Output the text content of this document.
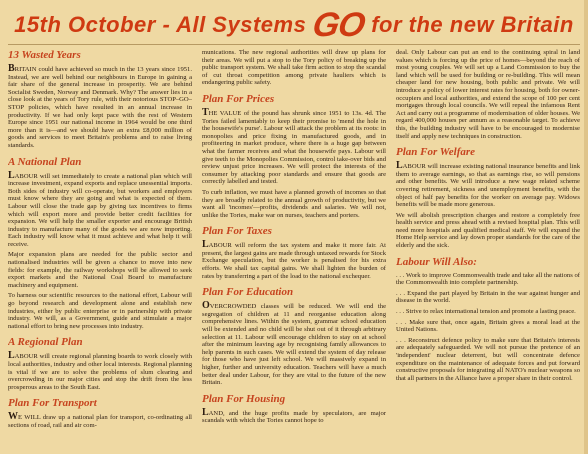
15th October - All Systems GO for the new Britain
13 Wasted Years

BRITAIN could have achieved so much in the 13 years since 1951. Instead, we are well behind our neighbours in Europe in gaining a fair share of the general increase in prosperity. We are behind Socialist Sweden, Norway and Denmark. Why? The answer lies in a close look at the years of Tory rule, with their notorious STOP–GO–STOP policies, which have resulted in an annual increase in productivity. If we had only kept pace with the rest of Western Europe since 1951 our national income in 1964 would be one third more than it is—and we should have an extra £8,000 million of goods and services to meet Britain's problems and to raise living standards.

A National Plan

LABOUR will set immediately to create a national plan which will increase investment, expand exports and replace unessential imports. Both sides of industry will co-operate, but workers and employers must know where they are going and what is expected of them. Labour will close the trade gap by giving tax incentives to firms which will export more and provide better credit facilities for expansion. We will help the smaller exporter and encourage British industry to manufacture many of the goods we are now importing. Each industry will know what it must achieve and what help it will receive.

Major expansion plans are needed for the public sector and nationalised industries will be given a chance to move into new fields: for example, the railway workshops will be allowed to seek export markets and the National Coal Board to manufacture machinery and equipment.

To harness our scientific resources to the national effort, Labour will go beyond research and development alone and establish new industries, either by public enterprise or in partnership with private industry. We will, as a Government, guide and stimulate a major national effort to bring new processes into industry.

A Regional Plan

LABOUR will create regional planning boards to work closely with local authorities, industry and other local interests. Regional planning is vital if we are to solve the problems of slum clearing and overcrowding in our major cities and stop the drift from the less prosperous areas to the South East.

Plan For Transport

WE WILL draw up a national plan for transport, co-ordinating all sections of road, rail and air com-

munications. The new regional authorities will draw up plans for their areas. We will put a stop to the Tory policy of breaking up the public transport system. We shall take firm action to stop the scandal of cut throat competition among private hauliers which is endangering public safety.

Plan For Prices

THE VALUE of the pound has shrunk since 1951 to 13s. 4d. The Tories failed lamentably to keep their promise to 'mend the hole in the housewife's purse'. Labour will attack the problem at its roots: in monopolies and price fixing in manufactured goods, and in profiteering in market produce, where there is a huge gap between what the farmer receives and what the housewife pays. Labour will give teeth to the Monopolies Commission, control take-over bids and review unjust price increases. We will protect the interests of the consumer by attacking poor standards and ensure that goods are correctly labelled and tested.

To curb inflation, we must have a planned growth of incomes so that they are broadly related to the annual growth of productivity, but we want all 'incomes'—profits, dividends and salaries. We will not, unlike the Tories, make war on nurses, teachers and porters.

Plan For Taxes

LABOUR will reform the tax system and make it more fair. At present, the largest gains are made through untaxed rewards for Stock Exchange speculation, but the worker is penalised for his extra efforts. We shall tax capital gains. We shall lighten the burden of rates by transferring a part of the load to the national exchequer.

Plan For Education

OVERCROWDED classes will be reduced. We will end the segregation of children at 11 and reorganise education along comprehensive lines. Within the system, grammar school education will be extended and no child will be shut out of it through arbitrary selection at 11. Labour will encourage children to stay on at school after the minimum leaving age by recognising family allowances to help parents in such cases. We will extend the system of day release for those who have just left school. We will massively expand in higher, further and university education. Teachers will have a much better deal under Labour, for they are vital to the future of the new Britain.

Plan For Housing

LAND, and the huge profits made by speculators, are major scandals with which the Tories cannot hope to

deal. Only Labour can put an end to the continuing spiral in land values which is forcing up the price of homes—beyond the reach of most young couples. We will set up a Land Commission to buy the land which will be used for building or re-building. This will mean cheaper land for new housing, both public and private. We will introduce a policy of lower interest rates for housing, both for owner-occupiers and local authorities, and extend the scope of 100 per cent mortgages through local councils. We will repeal the infamous Rent Act and carry out a programme of modernisation of older houses. We regard 400,000 houses per annum as a reasonable target. To achieve this, the building industry will have to be encouraged to modernise itself and apply new techniques in construction.

Plan For Welfare

LABOUR will increase existing national insurance benefits and link them to average earnings, so that as earnings rise, so will pensions and other benefits. We will introduce a new wage related scheme covering retirement, sickness and unemployment benefits, with the object of half pay benefits for the worker on average pay. Widows benefits will be made more generous.

We will abolish prescription charges and restore a completely free health service and press ahead with a revised hospital plan. This will need more hospitals and qualified medical staff. We will expand the Home Help service and lay down proper standards for the care of the elderly and the sick.

Labour Will Also:

. . . Work to improve Commonwealth trade and take all the nations of the Commonwealth into complete partnership.

. . . Expand the part played by Britain in the war against hunger and disease in the world.

. . . Strive to relax international tension and promote a lasting peace.

. . . Make sure that, once again, Britain gives a moral lead at the United Nations.

. . . Reconstruct defence policy to make sure that Britain's interests are adequately safeguarded. We will not pursue the pretence of an 'independent' nuclear deterrent, but will concentrate defence expenditure on the maintenance of adequate forces and put forward constructive proposals for integrating all NATO's nuclear weapons so that all partners in the Alliance have a proper share in their control.
